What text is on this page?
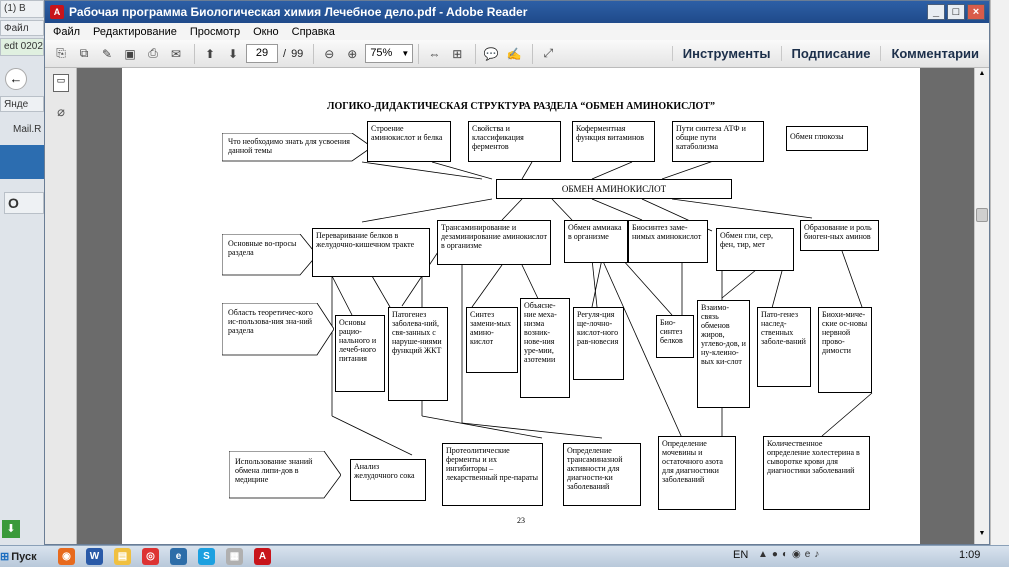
(1) В
Файл
edt 0202
←
Янде
Mail.R
О
⬇
A Рабочая программа Биологическая химия Лечебное дело.pdf - Adobe Reader	_	□	×
Файл Редактирование Просмотр Окно Справка
⎘	⧉	✎	▣	⎙	✉	⬆	⬇	29	/ 99	⊖	⊕	75% ▼	⇔ ⊞	💬 ✍	⤢	Инструменты	Подписание	Комментарии
▭
⌀	ЛОГИКО-ДИДАКТИЧЕСКАЯ СТРУКТУРА РАЗДЕЛА “ОБМЕН АМИНОКИСЛОТ”
Что необходимо знать для усвоения данной темы
Основные во-просы раздела
Область теоретичес-кого ис-пользова-ния зна-ний раздела
Использование знаний обмена липи-дов в медицине
Строение аминокислот и белка
Свойства и классификация ферментов
Коферментная функция витаминов
Пути синтеза АТФ и общие пути катаболизма
Обмен глюкозы
ОБМЕН АМИНОКИСЛОТ
Переваривание белков в желудочно-кишечном тракте
Трансаминирование и дезаминирование аминокислот в организме
Обмен аммиака в организме
Биосинтез заме-нимых аминокислот	Обмен гли, сер, фен, тир, мет
Образование и роль биоген-ных аминов
Основы рацио-нального и лечеб-ного питания
Патогенез заболева-ний, свя-занных с наруше-ниями функций ЖКТ
Синтез замени-мых амино-кислот
Объясне-ние меха-низма возник-нове-ния уре-мии, азотемии
Регуля-ция ще-лочно-кислот-ного рав-новесия
Био-синтез белков
Взаимо-связь обменов жиров, углево-дов, и ну-клеино-вых ки-слот
Пато-генез наслед-ственных заболе-ваний
Биохи-миче-ские ос-новы нервной прово-димости
Анализ желудочного сока
Протеолитические ферменты и их ингибиторы – лекарственный пре-параты
Определение трансаминазной активности для диагности-ки заболеваний
Определение мочевины и остаточного азота для диагностики заболеваний
Количественное определение холестерина в сыворотке крови для диагностики заболеваний
23
▲
▼
⊞ Пуск	◉	W	▤	◎	e	S	▦	A	EN ▲●◐◉e♪	1:09
